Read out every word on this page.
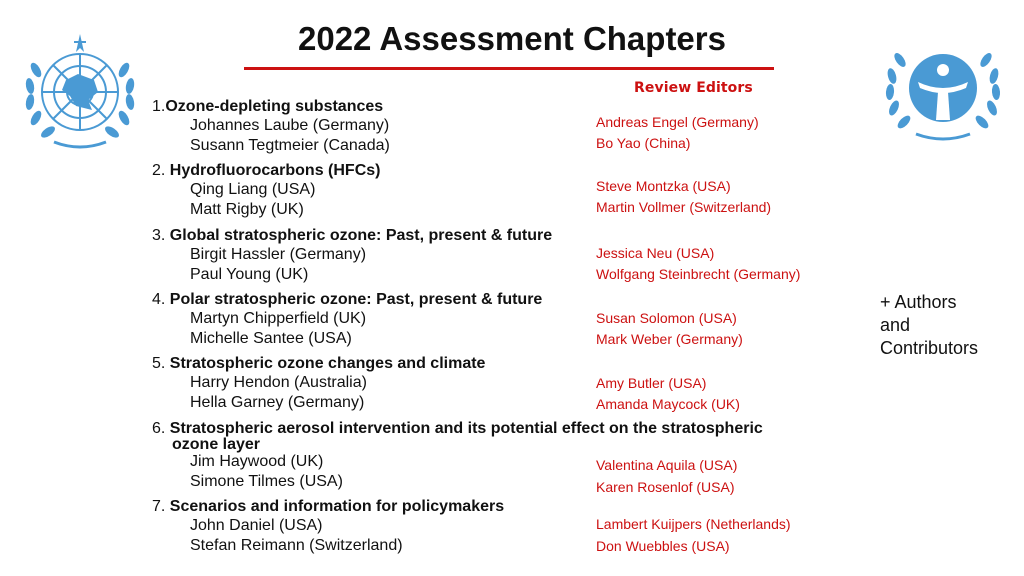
2022 Assessment Chapters
Review Editors
1.Ozone-depleting substances
Johannes Laube (Germany)
Susann Tegtmeier (Canada)
Andreas Engel (Germany)
Bo Yao (China)
2. Hydrofluorocarbons (HFCs)
Qing Liang (USA)
Matt Rigby (UK)
Steve Montzka (USA)
Martin Vollmer (Switzerland)
3. Global stratospheric ozone: Past, present & future
Birgit Hassler (Germany)
Paul Young (UK)
Jessica Neu (USA)
Wolfgang Steinbrecht (Germany)
4. Polar stratospheric ozone: Past, present & future
Martyn Chipperfield (UK)
Michelle Santee (USA)
Susan Solomon (USA)
Mark Weber (Germany)
5. Stratospheric ozone changes and climate
Harry Hendon (Australia)
Hella Garney (Germany)
Amy Butler (USA)
Amanda Maycock (UK)
6. Stratospheric aerosol intervention and its potential effect on the stratospheric
ozone layer
Jim Haywood (UK)
Simone Tilmes (USA)
Valentina Aquila (USA)
Karen Rosenlof (USA)
7. Scenarios and information for policymakers
John Daniel (USA)
Stefan Reimann (Switzerland)
Lambert Kuijpers (Netherlands)
Don Wuebbles (USA)
+ Authors
and
Contributors
